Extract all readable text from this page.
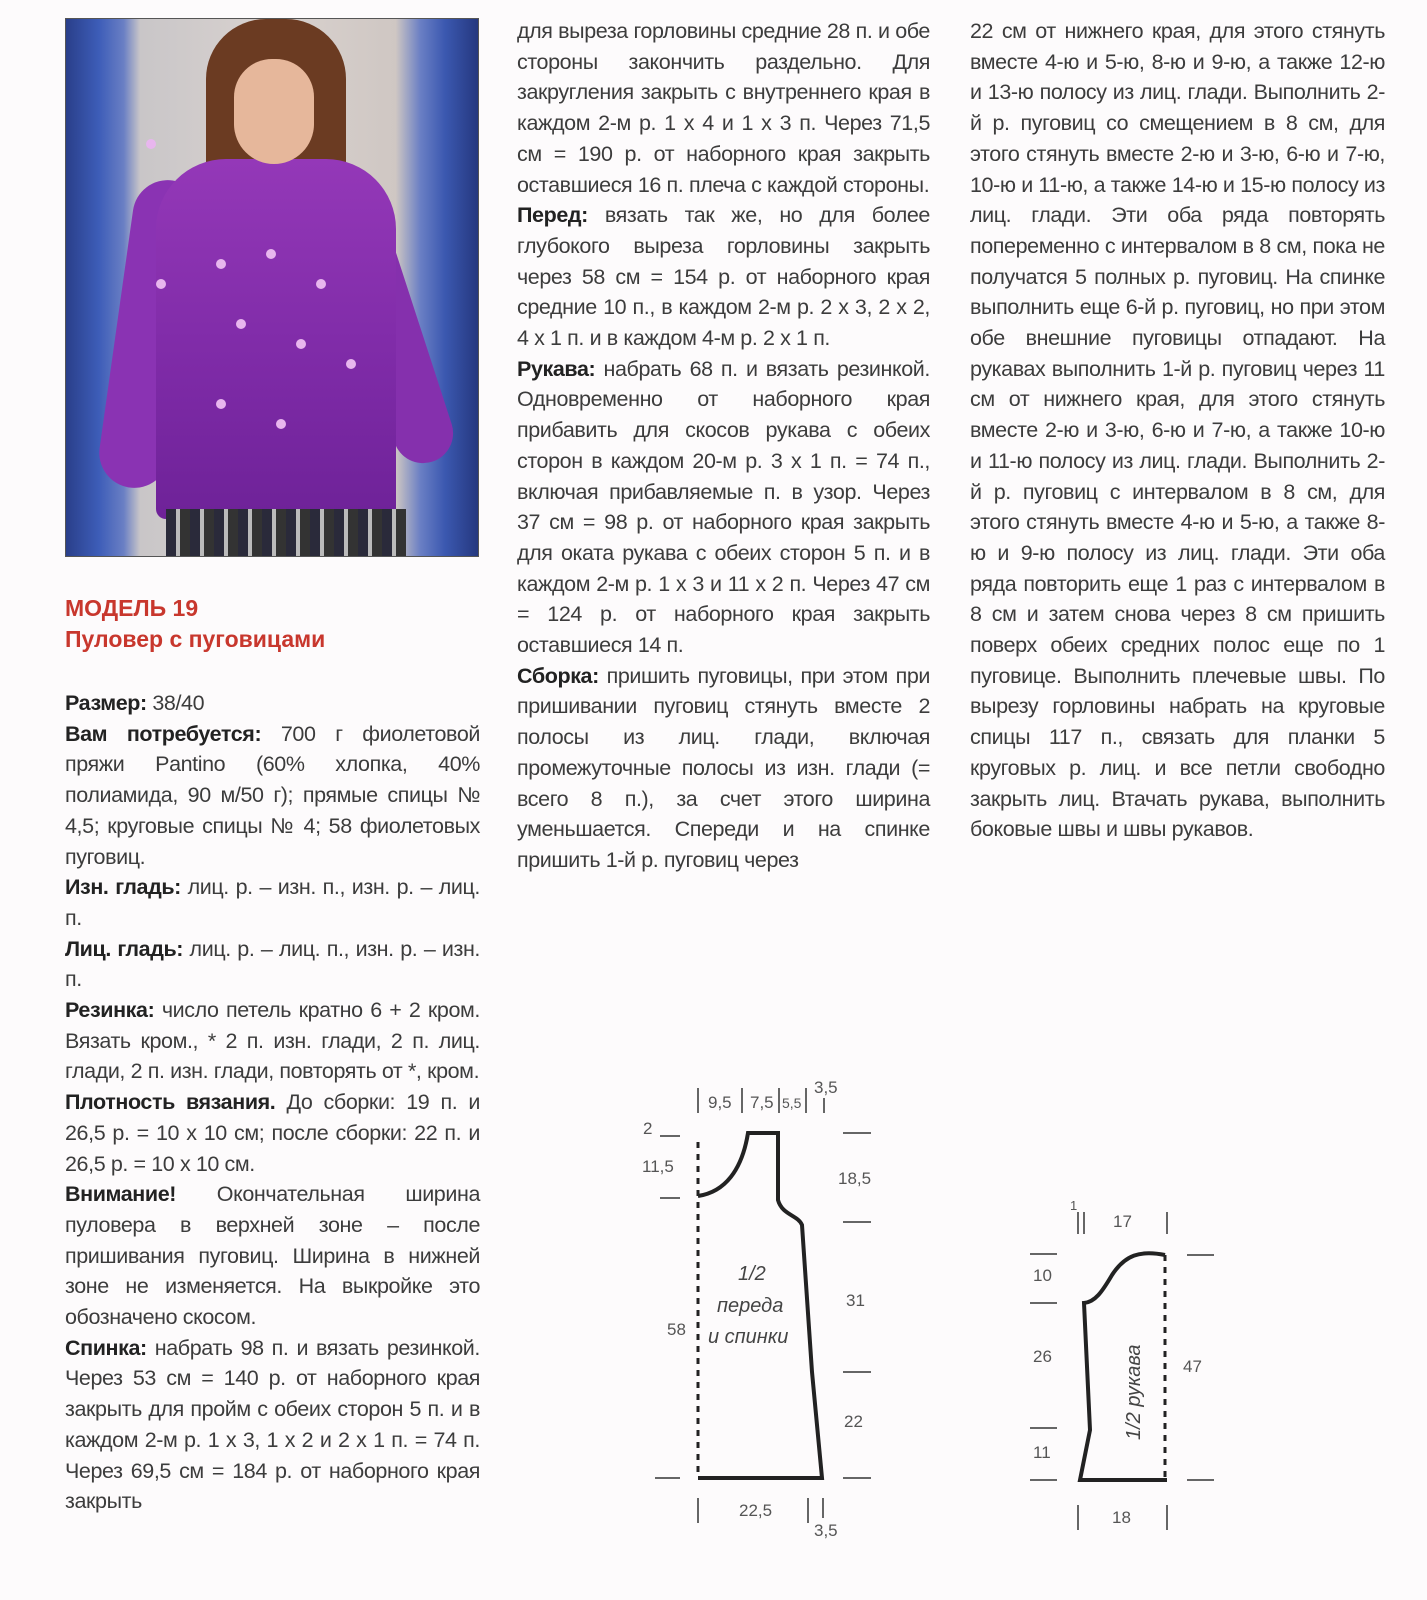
МОДЕЛЬ 19
Пуловер с пуговицами

Размер: 38/40

Вам потребуется: 700 г фиолетовой пряжи Pantino (60% хлопка, 40% полиамида, 90 м/50 г); прямые спицы № 4,5; круговые спицы № 4; 58 фиолетовых пуговиц.

Изн. гладь: лиц. р. – изн. п., изн. р. – лиц. п.

Лиц. гладь: лиц. р. – лиц. п., изн. р. – изн. п.

Резинка: число петель кратно 6 + 2 кром. Вязать кром., * 2 п. изн. глади, 2 п. лиц. глади, 2 п. изн. глади, повторять от *, кром.

Плотность вязания. До сборки: 19 п. и 26,5 р. = 10 х 10 см; после сборки: 22 п. и 26,5 р. = 10 х 10 см.

Внимание! Окончательная ширина пуловера в верхней зоне – после пришивания пуговиц. Ширина в нижней зоне не изменяется. На выкройке это обозначено скосом.

Спинка: набрать 98 п. и вязать резинкой. Через 53 см = 140 р. от наборного края закрыть для пройм с обеих сторон 5 п. и в каждом 2-м р. 1 х 3, 1 х 2 и 2 х 1 п. = 74 п. Через 69,5 см = 184 р. от наборного края закрыть

для выреза горловины средние 28 п. и обе стороны закончить раздельно. Для закругления закрыть с внутреннего края в каждом 2-м р. 1 х 4 и 1 х 3 п. Через 71,5 см = 190 р. от наборного края закрыть оставшиеся 16 п. плеча с каждой стороны.

Перед: вязать так же, но для более глубокого выреза горловины закрыть через 58 см = 154 р. от наборного края средние 10 п., в каждом 2-м р. 2 х 3, 2 х 2, 4 х 1 п. и в каждом 4-м р. 2 х 1 п.

Рукава: набрать 68 п. и вязать резинкой. Одновременно от наборного края прибавить для скосов рукава с обеих сторон в каждом 20-м р. 3 х 1 п. = 74 п., включая прибавляемые п. в узор. Через 37 см = 98 р. от наборного края закрыть для оката рукава с обеих сторон 5 п. и в каждом 2-м р. 1 х 3 и 11 х 2 п. Через 47 см = 124 р. от наборного края закрыть оставшиеся 14 п.

Сборка: пришить пуговицы, при этом при пришивании пуговиц стянуть вместе 2 полосы из лиц. глади, включая промежуточные полосы из изн. глади (= всего 8 п.), за счет этого ширина уменьшается. Спереди и на спинке пришить 1-й р. пуговиц через

22 см от нижнего края, для этого стянуть вместе 4-ю и 5-ю, 8-ю и 9-ю, а также 12-ю и 13-ю полосу из лиц. глади. Выполнить 2-й р. пуговиц со смещением в 8 см, для этого стянуть вместе 2-ю и 3-ю, 6-ю и 7-ю, 10-ю и 11-ю, а также 14-ю и 15-ю полосу из лиц. глади. Эти оба ряда повторять попеременно с интервалом в 8 см, пока не получатся 5 полных р. пуговиц. На спинке выполнить еще 6-й р. пуговиц, но при этом обе внешние пуговицы отпадают. На рукавах выполнить 1-й р. пуговиц через 11 см от нижнего края, для этого стянуть вместе 2-ю и 3-ю, 6-ю и 7-ю, а также 10-ю и 11-ю полосу из лиц. глади. Выполнить 2-й р. пуговиц с интервалом в 8 см, для этого стянуть вместе 4-ю и 5-ю, а также 8-ю и 9-ю полосу из лиц. глади. Эти оба ряда повторить еще 1 раз с интервалом в 8 см и затем снова через 8 см пришить поверх обеих средних полос еще по 1 пуговице. Выполнить плечевые швы. По вырезу горловины набрать на круговые спицы 117 п., связать для планки 5 круговых р. лиц. и все петли свободно закрыть лиц. Втачать рукава, выполнить боковые швы и швы рукавов.

9,5 7,5 5,5
3,5
2
11,5
58
18,5
31
22
22,5
3,5
1/2
переда
и спинки
1
17
10
26
11
47
18
1/2 рукава
